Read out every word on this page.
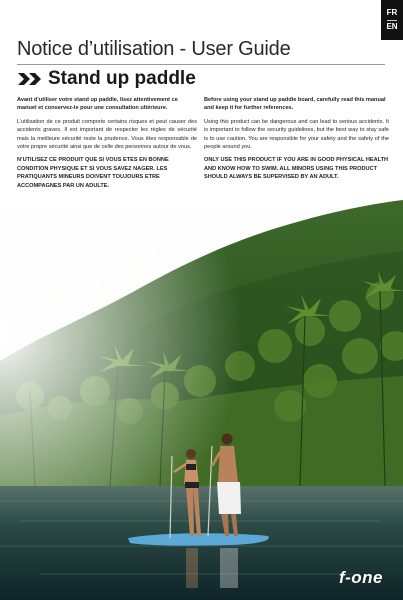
FR
EN
Notice d’utilisation - User Guide
Stand up paddle

Avant d’utiliser votre stand up paddle, lisez attentivement ce manuel et conservez-le pour une consultation ultérieure.

L’utilisation de ce produit comporte certains risques et peut causer des accidents graves. Il est important de respecter les règles de sécurité mais la meilleure sécurité reste la prudence. Vous êtes responsable de votre propre sécurité ainsi que de celle des personnes autour de vous.

N’UTILISEZ CE PRODUIT QUE SI VOUS ETES EN BONNE CONDITION PHYSIQUE ET SI VOUS SAVEZ NAGER. LES PRATIQUANTS MINEURS DOIVENT TOUJOURS ETRE ACCOMPAGNES PAR UN ADULTE.

Before using your stand up paddle board, carefully read this manual and keep it for further references.

Using this product can be dangerous and can lead to serious accidents. It is important to follow the security guidelines, but the best way to stay safe is to use caution. You are responsible for your safety and the safety of the people around you.

ONLY USE THIS PRODUCT IF YOU ARE IN GOOD PHYSICAL HEALTH AND KNOW HOW TO SWIM. ALL MINORS USING THIS PRODUCT SHOULD ALWAYS BE SUPERVISED BY AN ADULT.

f-one
